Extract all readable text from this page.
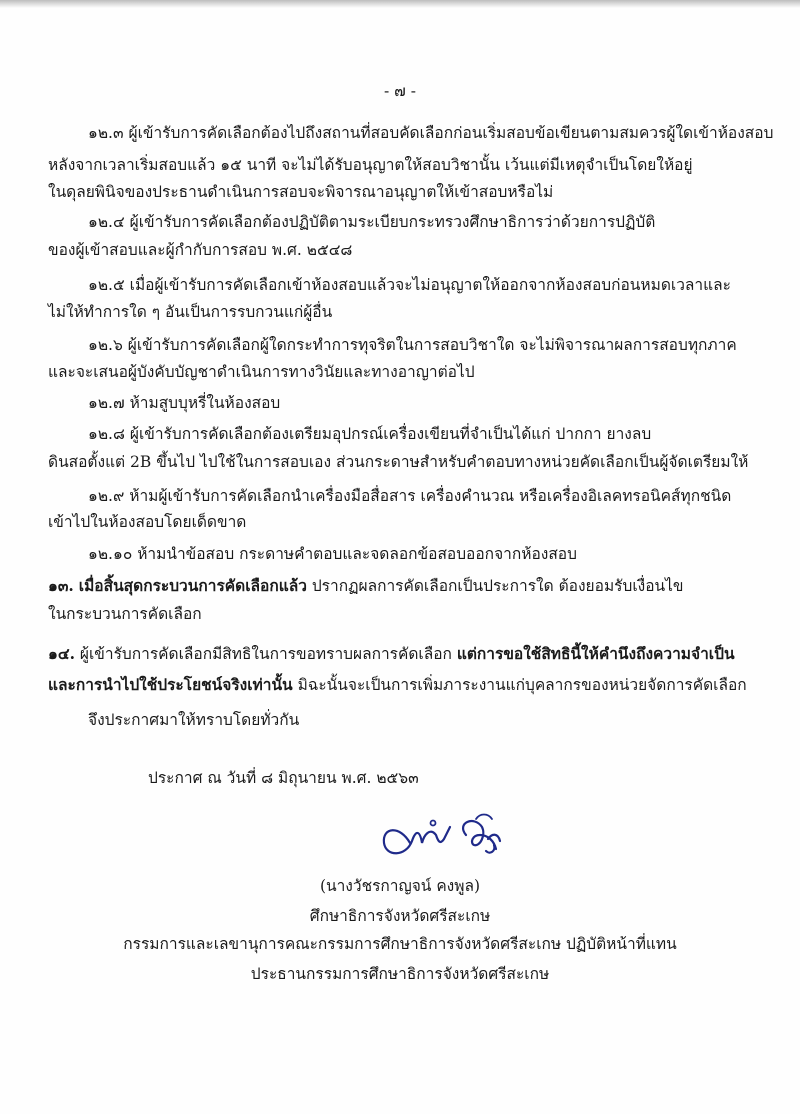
- ๗ -
๑๒.๓ ผู้เข้ารับการคัดเลือกต้องไปถึงสถานที่สอบคัดเลือกก่อนเริ่มสอบข้อเขียนตามสมควรผู้ใดเข้าห้องสอบ
หลังจากเวลาเริ่มสอบแล้ว ๑๕ นาที จะไม่ได้รับอนุญาตให้สอบวิชานั้น เว้นแต่มีเหตุจำเป็นโดยให้อยู่
ในดุลยพินิจของประธานดำเนินการสอบจะพิจารณาอนุญาตให้เข้าสอบหรือไม่
๑๒.๔ ผู้เข้ารับการคัดเลือกต้องปฏิบัติตามระเบียบกระทรวงศึกษาธิการว่าด้วยการปฏิบัติ
ของผู้เข้าสอบและผู้กำกับการสอบ พ.ศ. ๒๕๔๘
๑๒.๕ เมื่อผู้เข้ารับการคัดเลือกเข้าห้องสอบแล้วจะไม่อนุญาตให้ออกจากห้องสอบก่อนหมดเวลาและ
ไม่ให้ทำการใด ๆ อันเป็นการรบกวนแก่ผู้อื่น
๑๒.๖ ผู้เข้ารับการคัดเลือกผู้ใดกระทำการทุจริตในการสอบวิชาใด จะไม่พิจารณาผลการสอบทุกภาค
และจะเสนอผู้บังคับบัญชาดำเนินการทางวินัยและทางอาญาต่อไป
๑๒.๗ ห้ามสูบบุหรี่ในห้องสอบ
๑๒.๘ ผู้เข้ารับการคัดเลือกต้องเตรียมอุปกรณ์เครื่องเขียนที่จำเป็นได้แก่ ปากกา ยางลบ
ดินสอตั้งแต่ 2B ขึ้นไป ไปใช้ในการสอบเอง ส่วนกระดาษสำหรับคำตอบทางหน่วยคัดเลือกเป็นผู้จัดเตรียมให้
๑๒.๙ ห้ามผู้เข้ารับการคัดเลือกนำเครื่องมือสื่อสาร เครื่องคำนวณ หรือเครื่องอิเลคทรอนิคส์ทุกชนิด
เข้าไปในห้องสอบโดยเด็ดขาด
๑๒.๑๐ ห้ามนำข้อสอบ กระดาษคำตอบและจดลอกข้อสอบออกจากห้องสอบ
๑๓. เมื่อสิ้นสุดกระบวนการคัดเลือกแล้ว ปรากฏผลการคัดเลือกเป็นประการใด ต้องยอมรับเงื่อนไข
ในกระบวนการคัดเลือก
๑๔. ผู้เข้ารับการคัดเลือกมีสิทธิในการขอทราบผลการคัดเลือก แต่การขอใช้สิทธินี้ให้คำนึงถึงความจำเป็น
และการนำไปใช้ประโยชน์จริงเท่านั้น มิฉะนั้นจะเป็นการเพิ่มภาระงานแก่บุคลากรของหน่วยจัดการคัดเลือก
จึงประกาศมาให้ทราบโดยทั่วกัน
ประกาศ ณ วันที่ ๘ มิถุนายน พ.ศ. ๒๕๖๓
(นางวัชรกาญจน์ คงพูล)
ศึกษาธิการจังหวัดศรีสะเกษ
กรรมการและเลขานุการคณะกรรมการศึกษาธิการจังหวัดศรีสะเกษ ปฏิบัติหน้าที่แทน
ประธานกรรมการศึกษาธิการจังหวัดศรีสะเกษ
